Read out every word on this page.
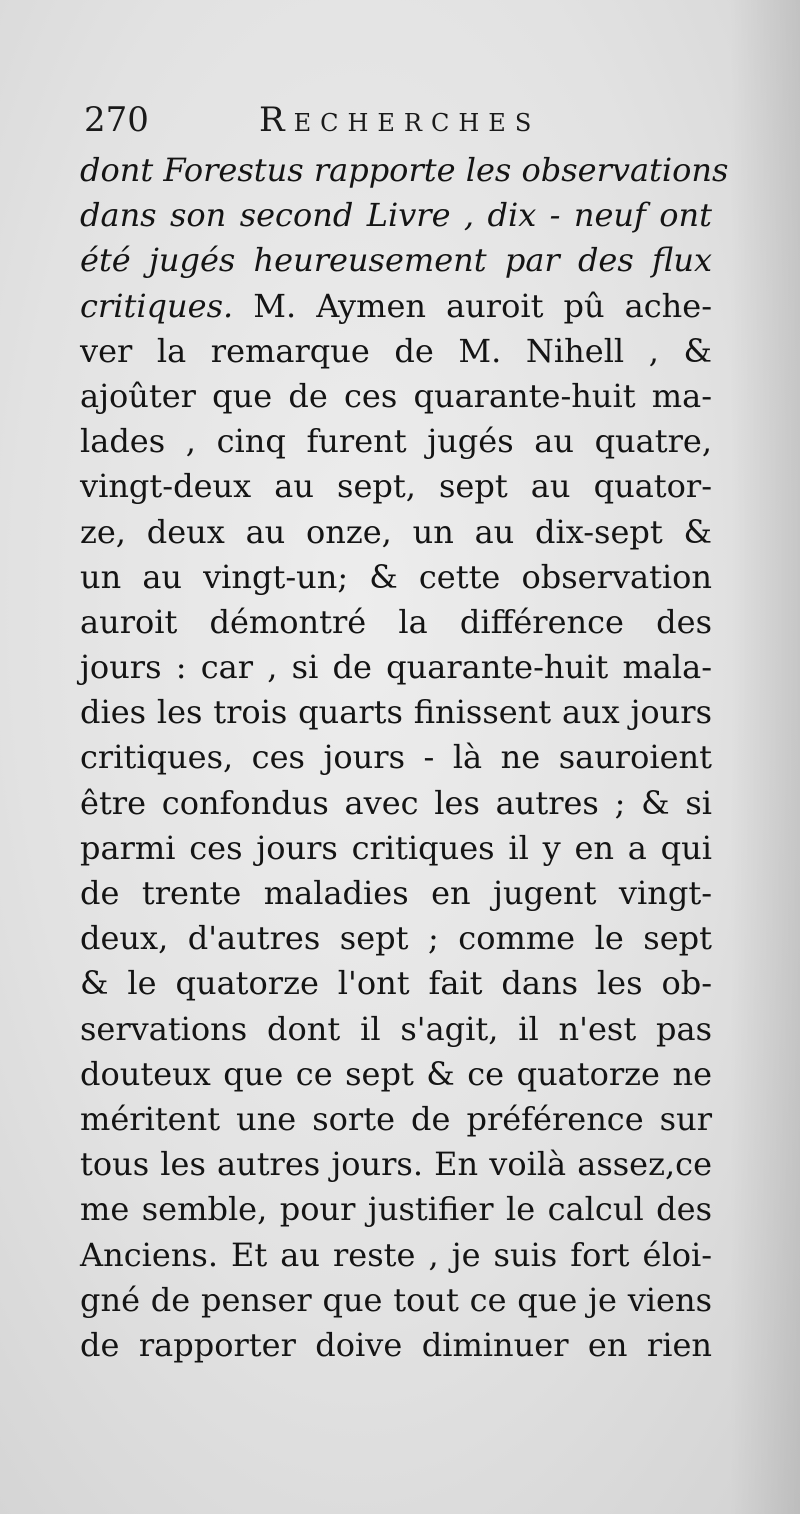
270	Recherches
dont Forestus rapporte les observations
dans son second Livre , dix - neuf ont
été jugés heureusement par des flux
critiques. M. Aymen auroit pû ache-
ver la remarque de M. Nihell , &
ajoûter que de ces quarante-huit ma-
lades , cinq furent jugés au quatre,
vingt-deux au sept, sept au quator-
ze, deux au onze, un au dix-sept &
un au vingt-un; & cette observation
auroit démontré la différence des
jours : car , si de quarante-huit mala-
dies les trois quarts finissent aux jours
critiques, ces jours - là ne sauroient
être confondus avec les autres ; & si
parmi ces jours critiques il y en a qui
de trente maladies en jugent vingt-
deux, d'autres sept ; comme le sept
& le quatorze l'ont fait dans les ob-
servations dont il s'agit, il n'est pas
douteux que ce sept & ce quatorze ne
méritent une sorte de préférence sur
tous les autres jours. En voilà assez,ce
me semble, pour justifier le calcul des
Anciens. Et au reste , je suis fort éloi-
gné de penser que tout ce que je viens
de rapporter doive diminuer en rien
